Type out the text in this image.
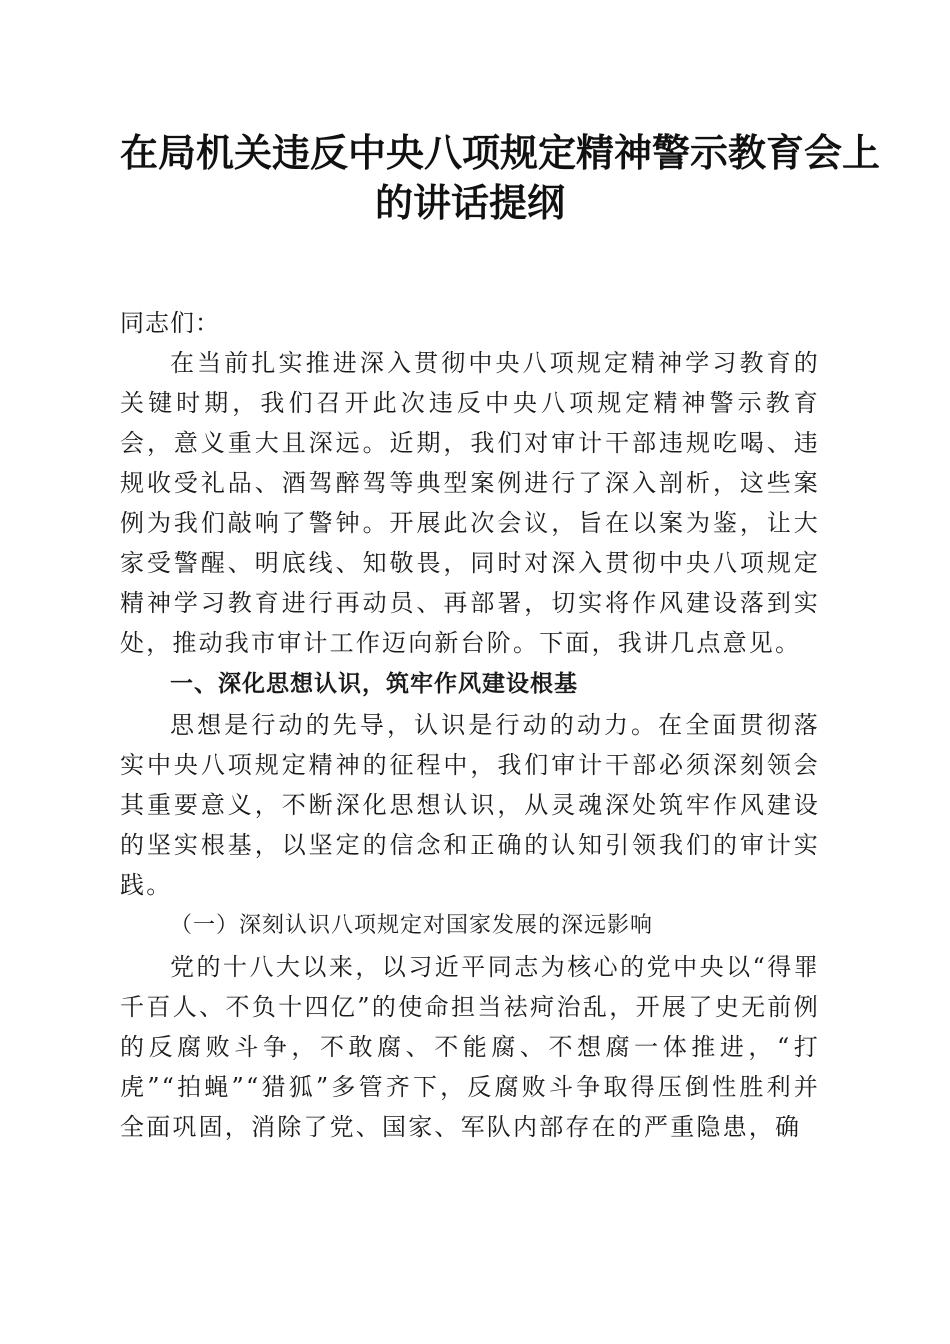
在局机关违反中央八项规定精神警示教育会上
的讲话提纲

同志们：

在当前扎实推进深入贯彻中央八项规定精神学习教育的关键时期，我们召开此次违反中央八项规定精神警示教育会，意义重大且深远。近期，我们对审计干部违规吃喝、违规收受礼品、酒驾醉驾等典型案例进行了深入剖析，这些案例为我们敲响了警钟。开展此次会议，旨在以案为鉴，让大家受警醒、明底线、知敬畏，同时对深入贯彻中央八项规定精神学习教育进行再动员、再部署，切实将作风建设落到实处，推动我市审计工作迈向新台阶。下面，我讲几点意见。

一、深化思想认识，筑牢作风建设根基

思想是行动的先导，认识是行动的动力。在全面贯彻落实中央八项规定精神的征程中，我们审计干部必须深刻领会其重要意义，不断深化思想认识，从灵魂深处筑牢作风建设的坚实根基，以坚定的信念和正确的认知引领我们的审计实践。

（一）深刻认识八项规定对国家发展的深远影响

党的十八大以来，以习近平同志为核心的党中央以“得罪千百人、不负十四亿”的使命担当祛疴治乱，开展了史无前例的反腐败斗争，不敢腐、不能腐、不想腐一体推进，“打虎”“拍蝇”“猎狐”多管齐下，反腐败斗争取得压倒性胜利并全面巩固，消除了党、国家、军队内部存在的严重隐患，确
